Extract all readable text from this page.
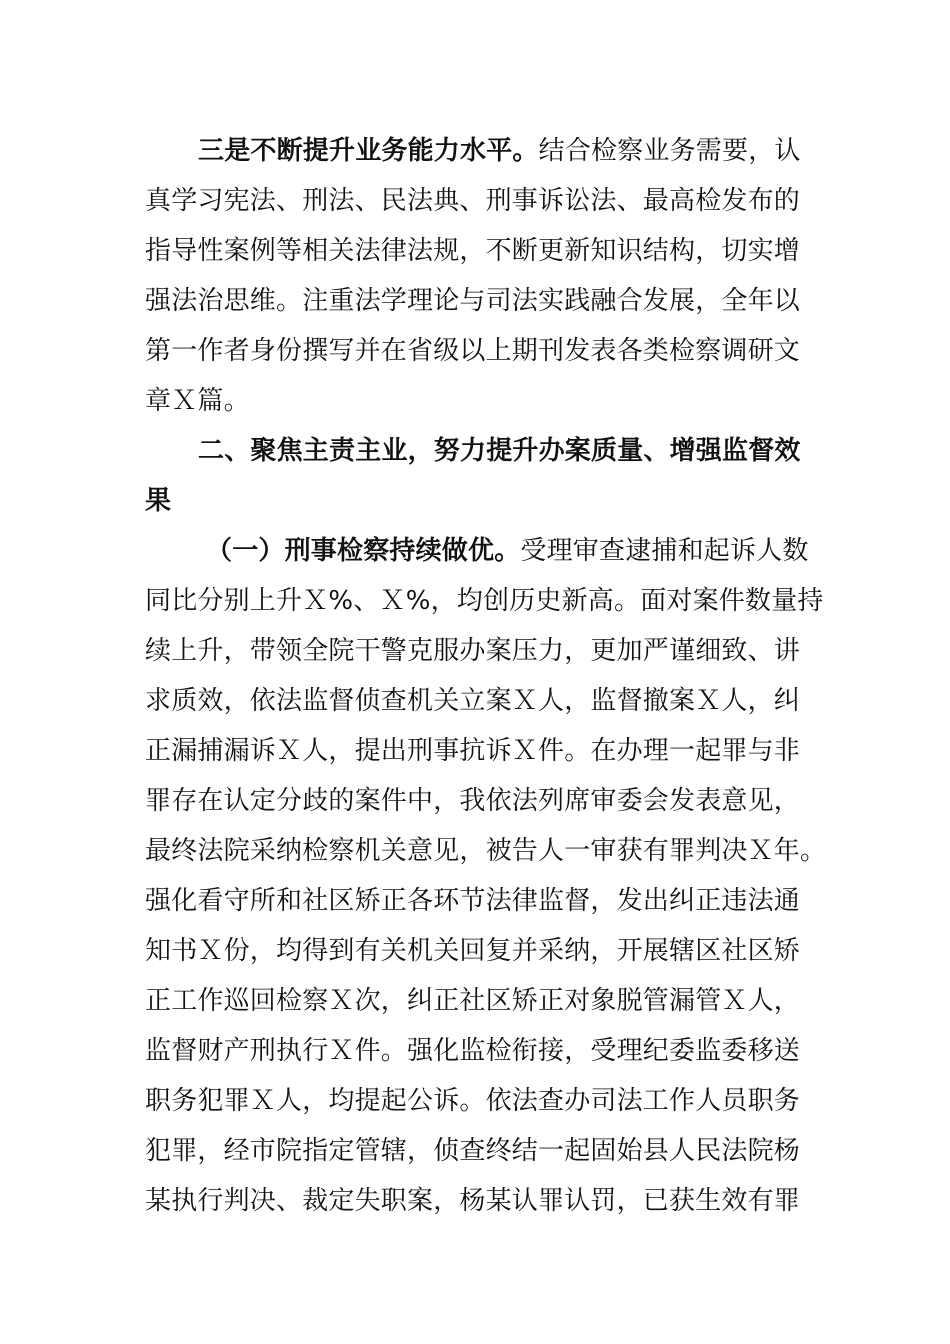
三是不断提升业务能力水平。结合检察业务需要，认
真学习宪法、刑法、民法典、刑事诉讼法、最高检发布的
指导性案例等相关法律法规，不断更新知识结构，切实增
强法治思维。注重法学理论与司法实践融合发展，全年以
第一作者身份撰写并在省级以上期刊发表各类检察调研文
章Ｘ篇。
二、聚焦主责主业，努力提升办案质量、增强监督效
果
（一）刑事检察持续做优。受理审查逮捕和起诉人数
同比分别上升Ｘ%、Ｘ%，均创历史新高。面对案件数量持
续上升，带领全院干警克服办案压力，更加严谨细致、讲
求质效，依法监督侦查机关立案Ｘ人，监督撤案Ｘ人，纠
正漏捕漏诉Ｘ人，提出刑事抗诉Ｘ件。在办理一起罪与非
罪存在认定分歧的案件中，我依法列席审委会发表意见，
最终法院采纳检察机关意见，被告人一审获有罪判决Ｘ年。
强化看守所和社区矫正各环节法律监督，发出纠正违法通
知书Ｘ份，均得到有关机关回复并采纳，开展辖区社区矫
正工作巡回检察Ｘ次，纠正社区矫正对象脱管漏管Ｘ人，
监督财产刑执行Ｘ件。强化监检衔接，受理纪委监委移送
职务犯罪Ｘ人，均提起公诉。依法查办司法工作人员职务
犯罪，经市院指定管辖，侦查终结一起固始县人民法院杨
某执行判决、裁定失职案，杨某认罪认罚，已获生效有罪
